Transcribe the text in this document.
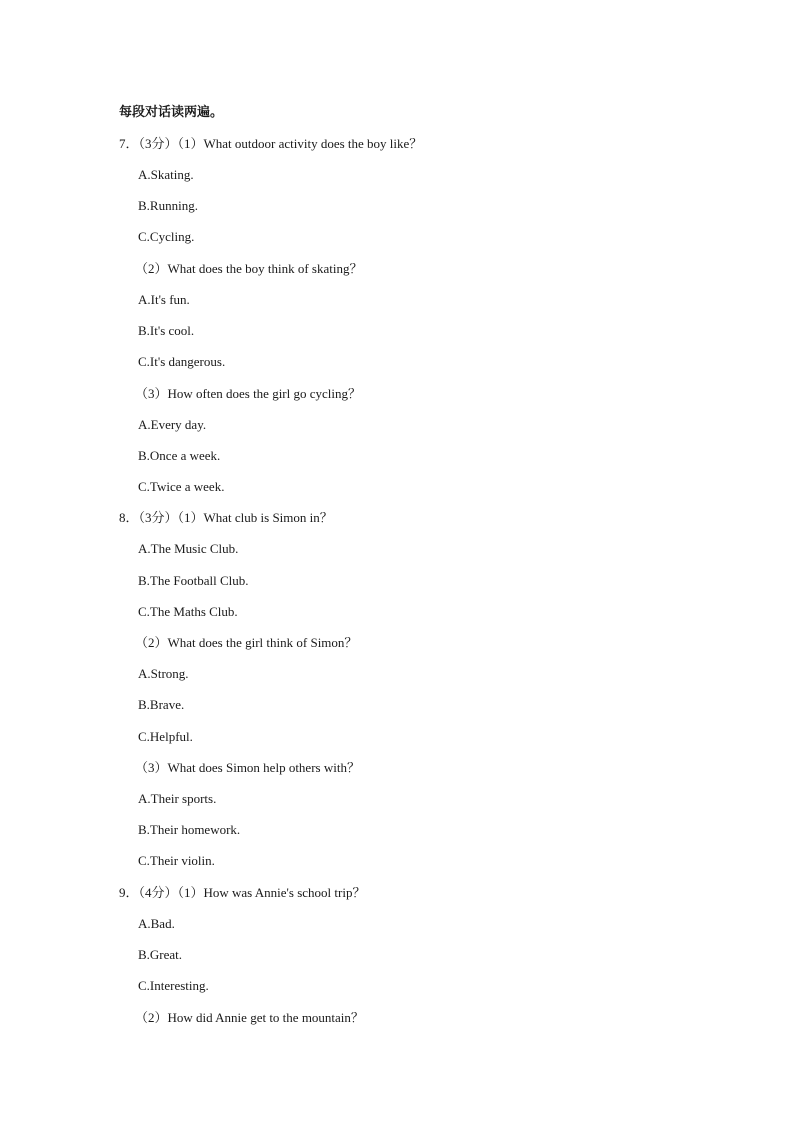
每段对话读两遍。
7．（3分）（1）What outdoor activity does the boy like？
A.Skating.
B.Running.
C.Cycling.
（2）What does the boy think of skating？
A.It's fun.
B.It's cool.
C.It's dangerous.
（3）How often does the girl go cycling？
A.Every day.
B.Once a week.
C.Twice a week.
8．（3分）（1）What club is Simon in？
A.The Music Club.
B.The Football Club.
C.The Maths Club.
（2）What does the girl think of Simon？
A.Strong.
B.Brave.
C.Helpful.
（3）What does Simon help others with？
A.Their sports.
B.Their homework.
C.Their violin.
9．（4分）（1）How was Annie's school trip？
A.Bad.
B.Great.
C.Interesting.
（2）How did Annie get to the mountain？
